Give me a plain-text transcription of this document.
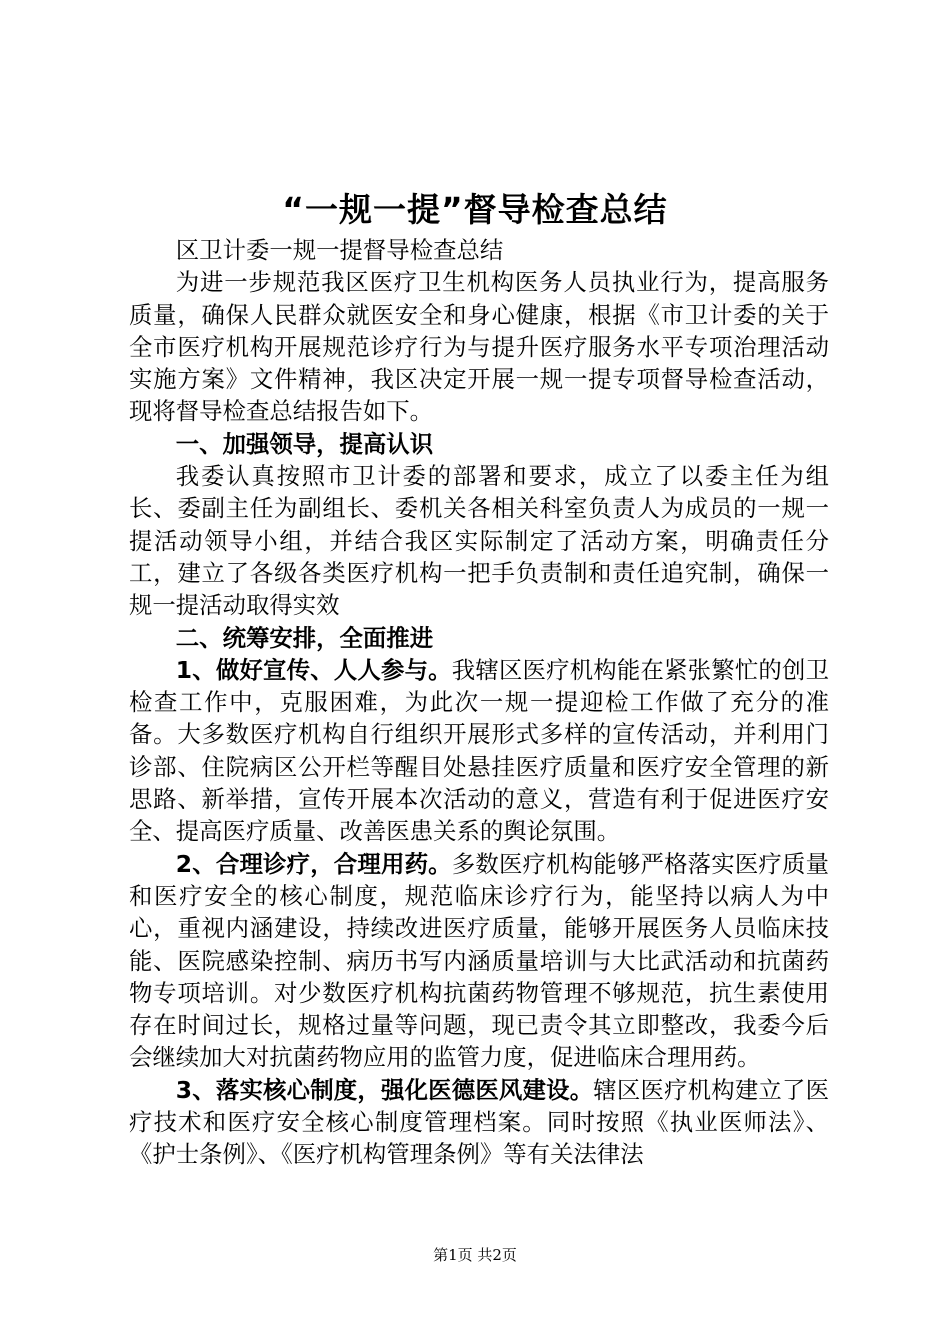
“一规一提”督导检查总结

区卫计委一规一提督导检查总结

为进一步规范我区医疗卫生机构医务人员执业行为，提高服务质量，确保人民群众就医安全和身心健康，根据《市卫计委的关于全市医疗机构开展规范诊疗行为与提升医疗服务水平专项治理活动实施方案》文件精神，我区决定开展一规一提专项督导检查活动，现将督导检查总结报告如下。

一、加强领导，提高认识

我委认真按照市卫计委的部署和要求，成立了以委主任为组长、委副主任为副组长、委机关各相关科室负责人为成员的一规一提活动领导小组，并结合我区实际制定了活动方案，明确责任分工，建立了各级各类医疗机构一把手负责制和责任追究制，确保一规一提活动取得实效

二、统筹安排，全面推进

1、做好宣传、人人参与。我辖区医疗机构能在紧张繁忙的创卫检查工作中，克服困难，为此次一规一提迎检工作做了充分的准备。大多数医疗机构自行组织开展形式多样的宣传活动，并利用门诊部、住院病区公开栏等醒目处悬挂医疗质量和医疗安全管理的新思路、新举措，宣传开展本次活动的意义，营造有利于促进医疗安全、提高医疗质量、改善医患关系的舆论氛围。

2、合理诊疗，合理用药。多数医疗机构能够严格落实医疗质量和医疗安全的核心制度，规范临床诊疗行为，能坚持以病人为中心，重视内涵建设，持续改进医疗质量，能够开展医务人员临床技能、医院感染控制、病历书写内涵质量培训与大比武活动和抗菌药物专项培训。对少数医疗机构抗菌药物管理不够规范，抗生素使用存在时间过长，规格过量等问题，现已责令其立即整改，我委今后会继续加大对抗菌药物应用的监管力度，促进临床合理用药。

3、落实核心制度，强化医德医风建设。辖区医疗机构建立了医疗技术和医疗安全核心制度管理档案。同时按照《执业医师法》、《护士条例》、《医疗机构管理条例》等有关法律法

第1页 共2页
